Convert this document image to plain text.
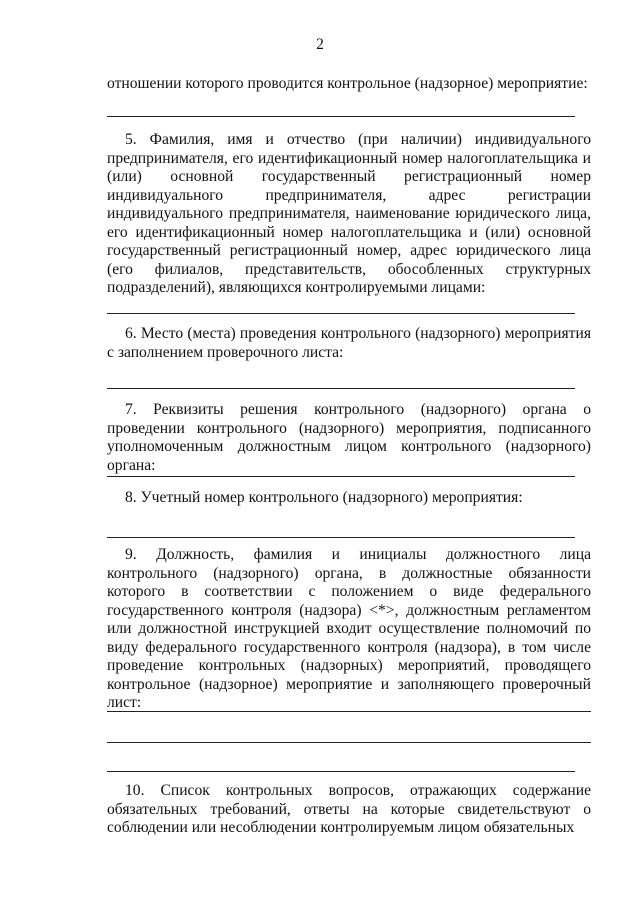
2

отношении которого проводится контрольное (надзорное) мероприятие:

5. Фамилия, имя и отчество (при наличии) индивидуального предпринимателя, его идентификационный номер налогоплательщика и (или) основной государственный регистрационный номер индивидуального предпринимателя, адрес регистрации индивидуального предпринимателя, наименование юридического лица, его идентификационный номер налогоплательщика и (или) основной государственный регистрационный номер, адрес юридического лица (его филиалов, представительств, обособленных структурных подразделений), являющихся контролируемыми лицами:

6. Место (места) проведения контрольного (надзорного) мероприятия с заполнением проверочного листа:

7. Реквизиты решения контрольного (надзорного) органа о проведении контрольного (надзорного) мероприятия, подписанного уполномоченным должностным лицом контрольного (надзорного) органа:

8. Учетный номер контрольного (надзорного) мероприятия:

9. Должность, фамилия и инициалы должностного лица контрольного (надзорного) органа, в должностные обязанности которого в соответствии с положением о виде федерального государственного контроля (надзора) <*>, должностным регламентом или должностной инструкцией входит осуществление полномочий по виду федерального государственного контроля (надзора), в том числе проведение контрольных (надзорных) мероприятий, проводящего контрольное (надзорное) мероприятие и заполняющего проверочный лист:

10. Список контрольных вопросов, отражающих содержание обязательных требований, ответы на которые свидетельствуют о соблюдении или несоблюдении контролируемым лицом обязательных
